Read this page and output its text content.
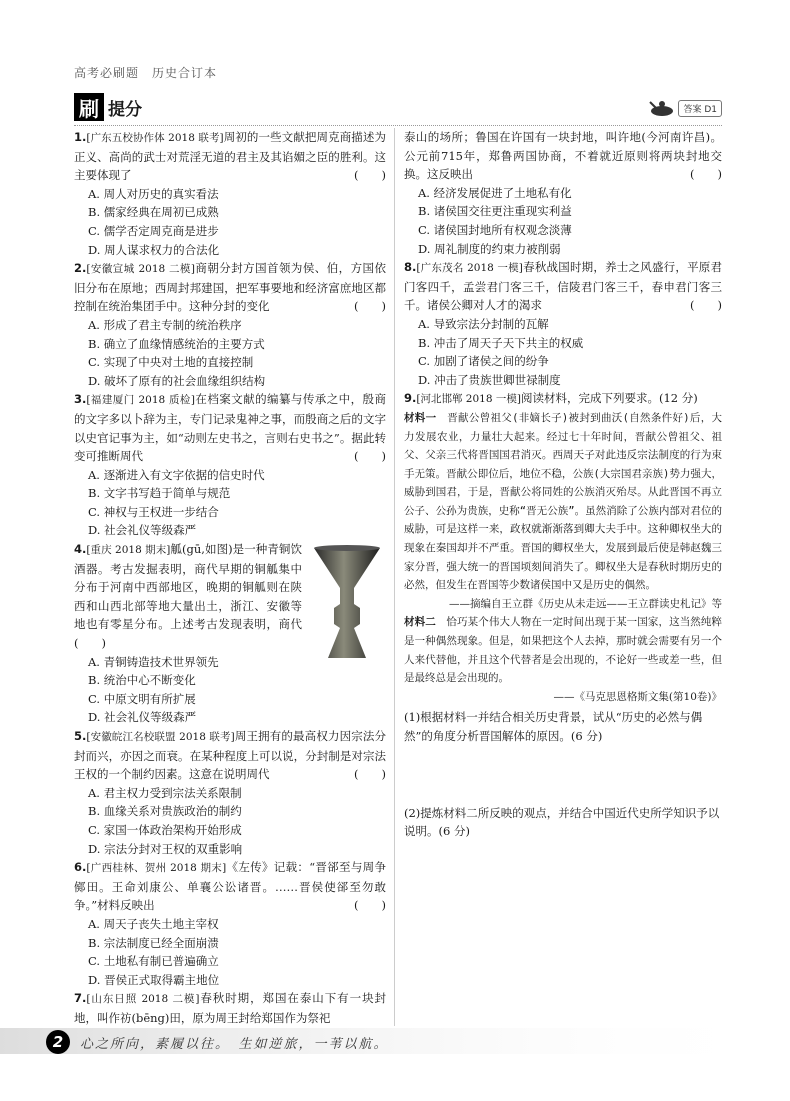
高考必刷题　历史合订本
刷 提分	答案 D1
1.[广东五校协作体 2018 联考]周初的一些文献把周克商描述为正义、高尚的武士对荒淫无道的君主及其谄媚之臣的胜利。这主要体现了	(　　)
A. 周人对历史的真实看法
B. 儒家经典在周初已成熟
C. 儒学否定周克商是进步
D. 周人谋求权力的合法化
2.[安徽宣城 2018 二模]商朝分封方国首领为侯、伯，方国依旧分布在原地；西周封邦建国，把军事要地和经济富庶地区都控制在统治集团手中。这种分封的变化	(　　)
A. 形成了君主专制的统治秩序
B. 确立了血缘情感统治的主要方式
C. 实现了中央对土地的直接控制
D. 破坏了原有的社会血缘组织结构
3.[福建厦门 2018 质检]在档案文献的编纂与传承之中，殷商的文字多以卜辞为主，专门记录鬼神之事，而殷商之后的文字以史官记事为主，如“动则左史书之，言则右史书之”。据此转变可推断周代	(　　)
A. 逐渐进入有文字依据的信史时代
B. 文字书写趋于简单与规范
C. 神权与王权进一步结合
D. 社会礼仪等级森严
4.[重庆 2018 期末]觚(gū,如图)是一种青铜饮酒器。考古发掘表明，商代早期的铜觚集中分布于河南中西部地区，晚期的铜觚则在陕西和山西北部等地大量出土，浙江、安徽等地也有零星分布。上述考古发现表明，商代(　　)
A. 青铜铸造技术世界领先
B. 统治中心不断变化
C. 中原文明有所扩展
D. 社会礼仪等级森严
5.[安徽皖江名校联盟 2018 联考]周王拥有的最高权力因宗法分封而兴，亦因之而衰。在某种程度上可以说，分封制是对宗法王权的一个制约因素。这意在说明周代	(　　)
A. 君主权力受到宗法关系限制
B. 血缘关系对贵族政治的制约
C. 家国一体政治架构开始形成
D. 宗法分封对王权的双重影响
6.[广西桂林、贺州 2018 期末]《左传》记载：“晋郤至与周争鄇田。王命刘康公、单襄公讼诸晋。……晋侯使郤至勿敢争。”材料反映出	(　　)
A. 周天子丧失土地主宰权
B. 宗法制度已经全面崩溃
C. 土地私有制已普遍确立
D. 晋侯正式取得霸主地位
7.[山东日照 2018 二模]春秋时期，郑国在泰山下有一块封地，叫作祊(bēng)田，原为周王封给郑国作为祭祀
泰山的场所；鲁国在许国有一块封地，叫许地(今河南许昌)。公元前715年，郑鲁两国协商，不着就近原则将两块封地交换。这反映出	(　　)
A. 经济发展促进了土地私有化
B. 诸侯国交往更注重现实利益
C. 诸侯国封地所有权观念淡薄
D. 周礼制度的约束力被削弱
8.[广东茂名 2018 一模]春秋战国时期，养士之风盛行，平原君门客四千，孟尝君门客三千，信陵君门客三千，春申君门客三千。诸侯公卿对人才的渴求	(　　)
A. 导致宗法分封制的瓦解
B. 冲击了周天子天下共主的权威
C. 加剧了诸侯之间的纷争
D. 冲击了贵族世卿世禄制度
9.[河北邯郸 2018 一模]阅读材料，完成下列要求。(12 分)
材料一　 晋献公曾祖父(非嫡长子)被封到曲沃(自然条件好)后，大力发展农业，力量壮大起来。经过七十年时间，晋献公曾祖父、祖父、父亲三代将晋国国君消灭。西周天子对此违反宗法制度的行为束手无策。晋献公即位后，地位不稳，公族(大宗国君亲族)势力强大，威胁到国君，于是，晋献公将同姓的公族消灭殆尽。从此晋国不再立公子、公孙为贵族，史称“晋无公族”。虽然消除了公族内部对君位的威胁，可是这样一来，政权就渐渐落到卿大夫手中。这种卿权坐大的现象在秦国却并不严重。晋国的卿权坐大，发展到最后使是韩赵魏三家分晋，强大统一的晋国顷刻间消失了。卿权坐大是春秋时期历史的必然，但发生在晋国等少数诸侯国中又是历史的偶然。
——摘编自王立群《历史从未走远——王立群读史札记》等
材料二　 恰巧某个伟大人物在一定时间出现于某一国家，这当然纯粹是一种偶然现象。但是，如果把这个人去掉，那时就会需要有另一个人来代替他，并且这个代替者是会出现的，不论好一些或差一些，但是最终总是会出现的。
——《马克思恩格斯文集(第10卷)》
(1)根据材料一并结合相关历史背景，试从“历史的必然与偶然”的角度分析晋国解体的原因。(6 分)
(2)提炼材料二所反映的观点，并结合中国近代史所学知识予以说明。(6 分)
2	心之所向，素履以往。　生如逆旅，一苇以航。
